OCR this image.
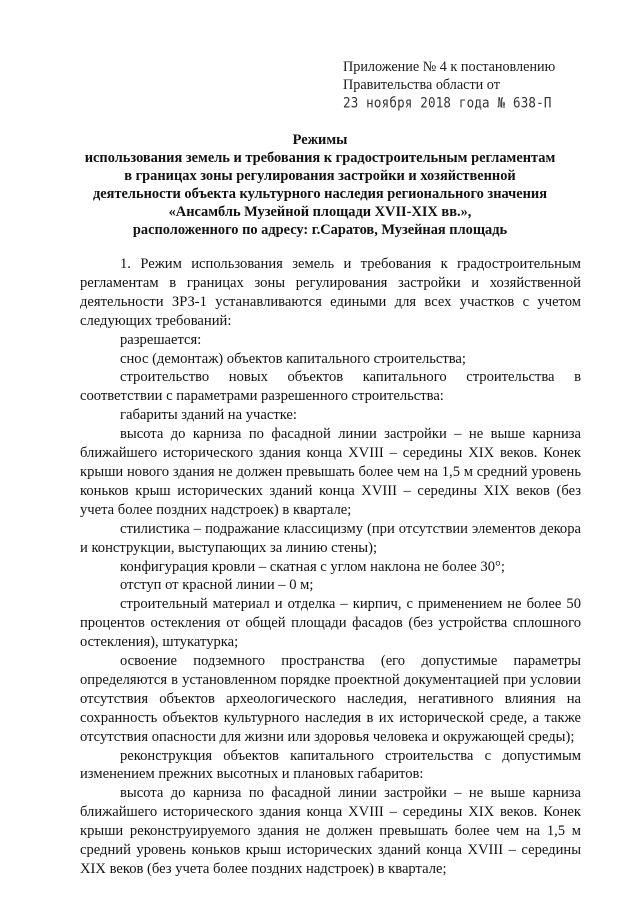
Приложение № 4 к постановлению
Правительства области от
23 ноября 2018 года № 638-П
Режимы
использования земель и требования к градостроительным регламентам
в границах зоны регулирования застройки и хозяйственной
деятельности объекта культурного наследия регионального значения
«Ансамбль Музейной площади XVII-XIX вв.»,
расположенного по адресу: г.Саратов, Музейная площадь

1. Режим использования земель и требования к градостроительным регламентам в границах зоны регулирования застройки и хозяйственной деятельности ЗРЗ-1 устанавливаются едиными для всех участков с учетом следующих требований:

разрешается:

снос (демонтаж) объектов капитального строительства;

строительство новых объектов капитального строительства в соответствии с параметрами разрешенного строительства:

габариты зданий на участке:

высота до карниза по фасадной линии застройки – не выше карниза ближайшего исторического здания конца XVIII – середины XIX веков. Конек крыши нового здания не должен превышать более чем на 1,5 м средний уровень коньков крыш исторических зданий конца XVIII – середины XIX веков (без учета более поздних надстроек) в квартале;

стилистика – подражание классицизму (при отсутствии элементов декора и конструкции, выступающих за линию стены);

конфигурация кровли – скатная с углом наклона не более 30°;

отступ от красной линии – 0 м;

строительный материал и отделка – кирпич, с применением не более 50 процентов остекления от общей площади фасадов (без устройства сплошного остекления), штукатурка;

освоение подземного пространства (его допустимые параметры определяются в установленном порядке проектной документацией при условии отсутствия объектов археологического наследия, негативного влияния на сохранность объектов культурного наследия в их исторической среде, а также отсутствия опасности для жизни или здоровья человека и окружающей среды);

реконструкция объектов капитального строительства с допустимым изменением прежних высотных и плановых габаритов:

высота до карниза по фасадной линии застройки – не выше карниза ближайшего исторического здания конца XVIII – середины XIX веков. Конек крыши реконструируемого здания не должен превышать более чем на 1,5 м средний уровень коньков крыш исторических зданий конца XVIII – середины XIX веков (без учета более поздних надстроек) в квартале;
